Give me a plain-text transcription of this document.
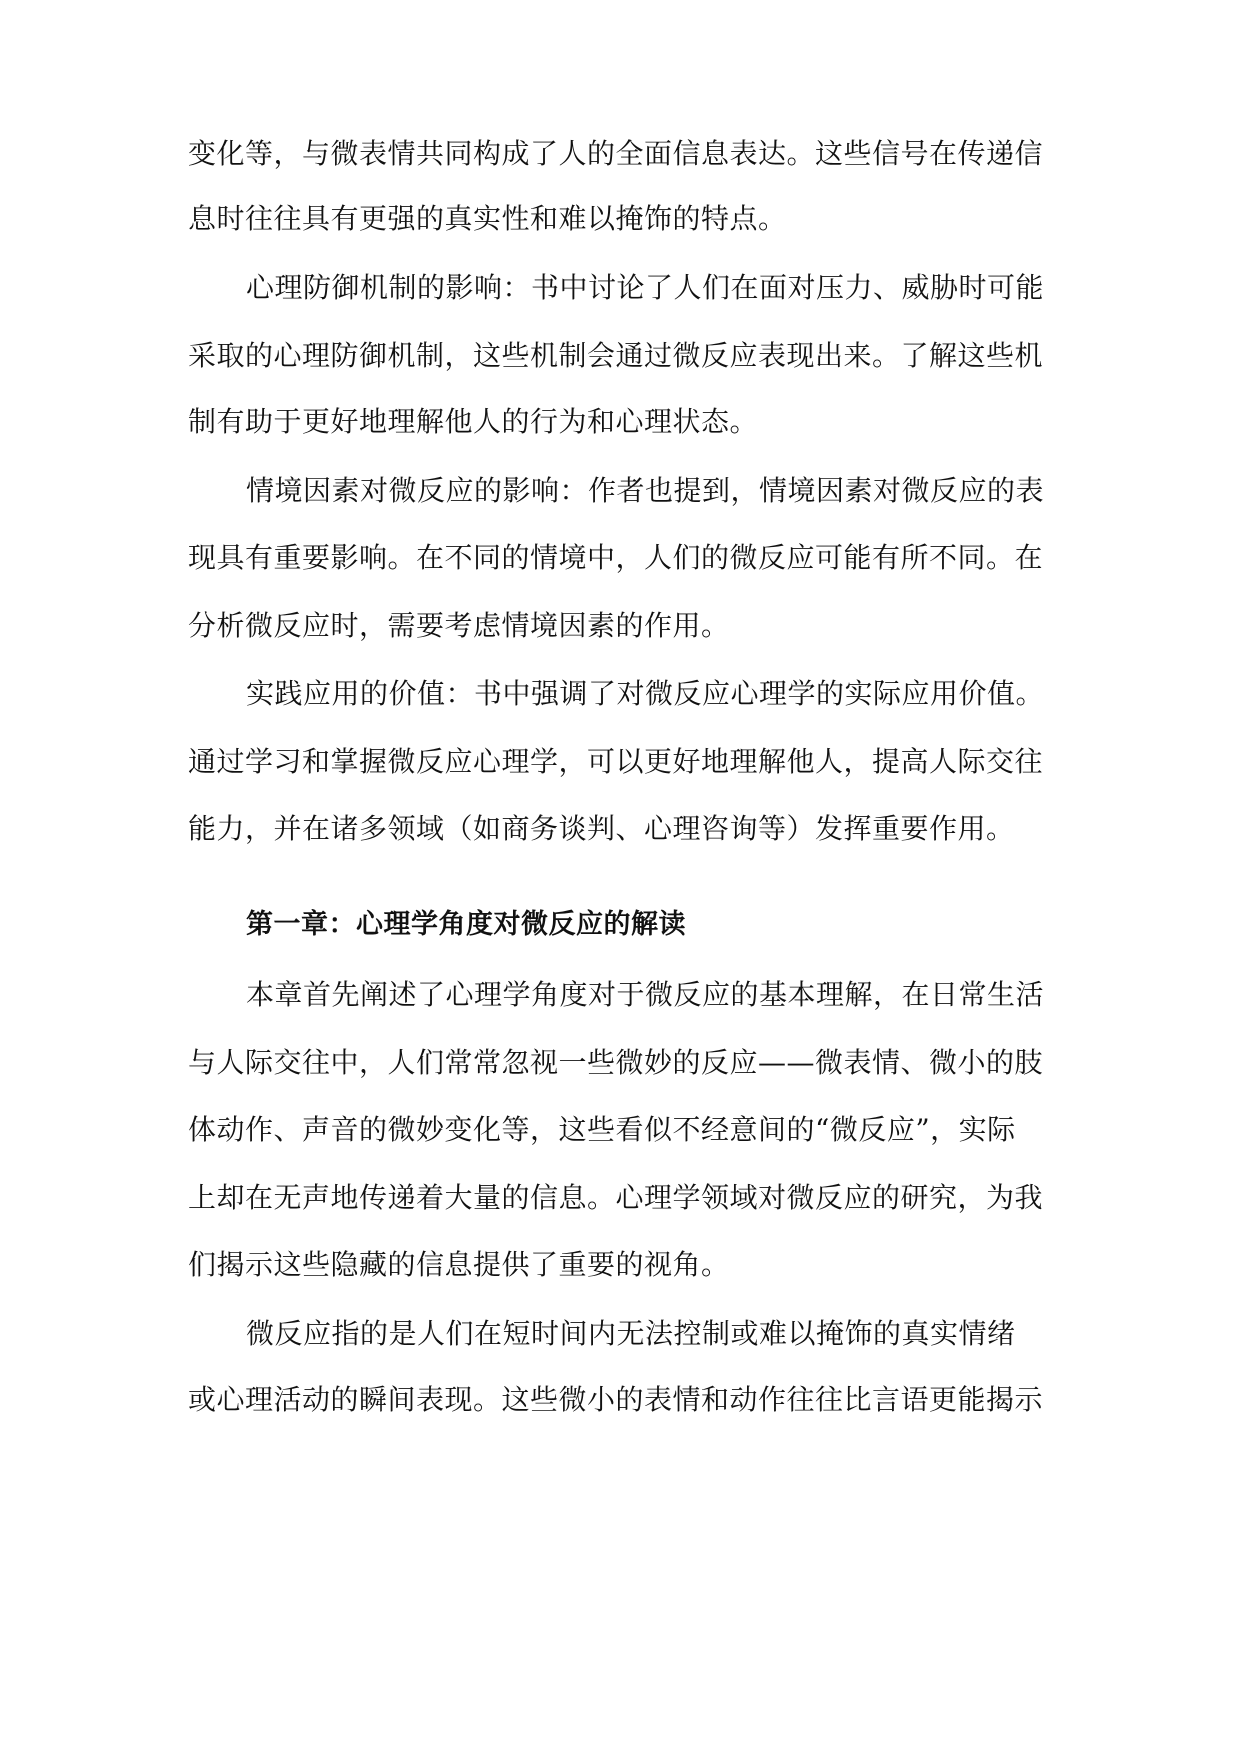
变化等，与微表情共同构成了人的全面信息表达。这些信号在传递信
息时往往具有更强的真实性和难以掩饰的特点。
心理防御机制的影响：书中讨论了人们在面对压力、威胁时可能
采取的心理防御机制，这些机制会通过微反应表现出来。了解这些机
制有助于更好地理解他人的行为和心理状态。
情境因素对微反应的影响：作者也提到，情境因素对微反应的表
现具有重要影响。在不同的情境中，人们的微反应可能有所不同。在
分析微反应时，需要考虑情境因素的作用。
实践应用的价值：书中强调了对微反应心理学的实际应用价值。
通过学习和掌握微反应心理学，可以更好地理解他人，提高人际交往
能力，并在诸多领域（如商务谈判、心理咨询等）发挥重要作用。
第一章：心理学角度对微反应的解读
本章首先阐述了心理学角度对于微反应的基本理解，在日常生活
与人际交往中，人们常常忽视一些微妙的反应——微表情、微小的肢
体动作、声音的微妙变化等，这些看似不经意间的“微反应”，实际
上却在无声地传递着大量的信息。心理学领域对微反应的研究，为我
们揭示这些隐藏的信息提供了重要的视角。
微反应指的是人们在短时间内无法控制或难以掩饰的真实情绪
或心理活动的瞬间表现。这些微小的表情和动作往往比言语更能揭示
